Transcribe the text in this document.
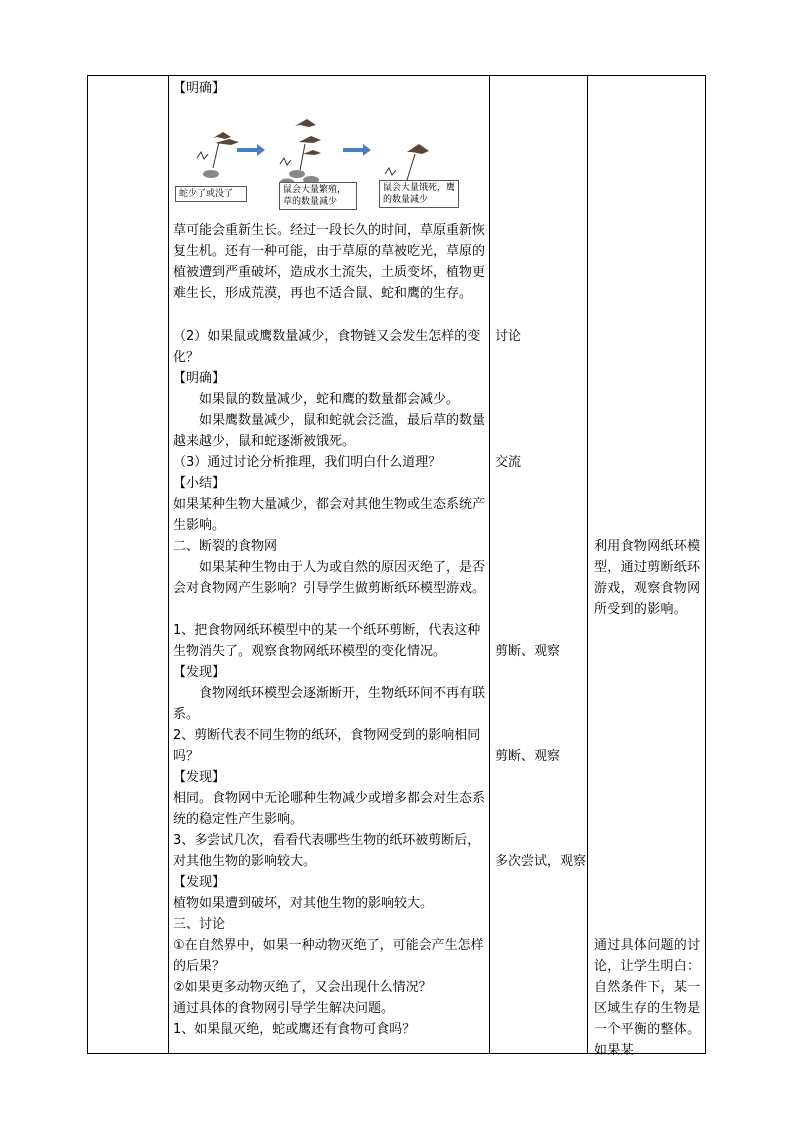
【明确】
蛇少了或没了	鼠会大量繁殖，草的数量减少
鼠会大量饿死，鹰的数量减少
草可能会重新生长。经过一段长久的时间，草原重新恢复生机。还有一种可能，由于草原的草被吃光，草原的植被遭到严重破坏，造成水土流失，土质变坏，植物更难生长，形成荒漠，再也不适合鼠、蛇和鹰的生存。
（2）如果鼠或鹰数量减少，食物链又会发生怎样的变化？
【明确】
如果鼠的数量减少，蛇和鹰的数量都会减少。
如果鹰数量减少，鼠和蛇就会泛滥，最后草的数量越来越少，鼠和蛇逐渐被饿死。
（3）通过讨论分析推理，我们明白什么道理？
【小结】
如果某种生物大量减少，都会对其他生物或生态系统产生影响。
二、断裂的食物网
如果某种生物由于人为或自然的原因灭绝了，是否会对食物网产生影响？引导学生做剪断纸环模型游戏。
1、把食物网纸环模型中的某一个纸环剪断，代表这种生物消失了。观察食物网纸环模型的变化情况。
【发现】
食物网纸环模型会逐渐断开，生物纸环间不再有联系。
2、剪断代表不同生物的纸环，食物网受到的影响相同吗？
【发现】
相同。食物网中无论哪种生物减少或增多都会对生态系统的稳定性产生影响。
3、多尝试几次，看看代表哪些生物的纸环被剪断后，对其他生物的影响较大。
【发现】
植物如果遭到破坏，对其他生物的影响较大。
三、讨论
①在自然界中，如果一种动物灭绝了，可能会产生怎样的后果？
②如果更多动物灭绝了，又会出现什么情况？
通过具体的食物网引导学生解决问题。
1、如果鼠灭绝，蛇或鹰还有食物可食吗？
讨论
交流
剪断、观察
剪断、观察
多次尝试，观察
利用食物网纸环模型，通过剪断纸环游戏，观察食物网所受到的影响。
通过具体问题的讨论，让学生明白：自然条件下，某一区域生存的生物是一个平衡的整体。如果某
